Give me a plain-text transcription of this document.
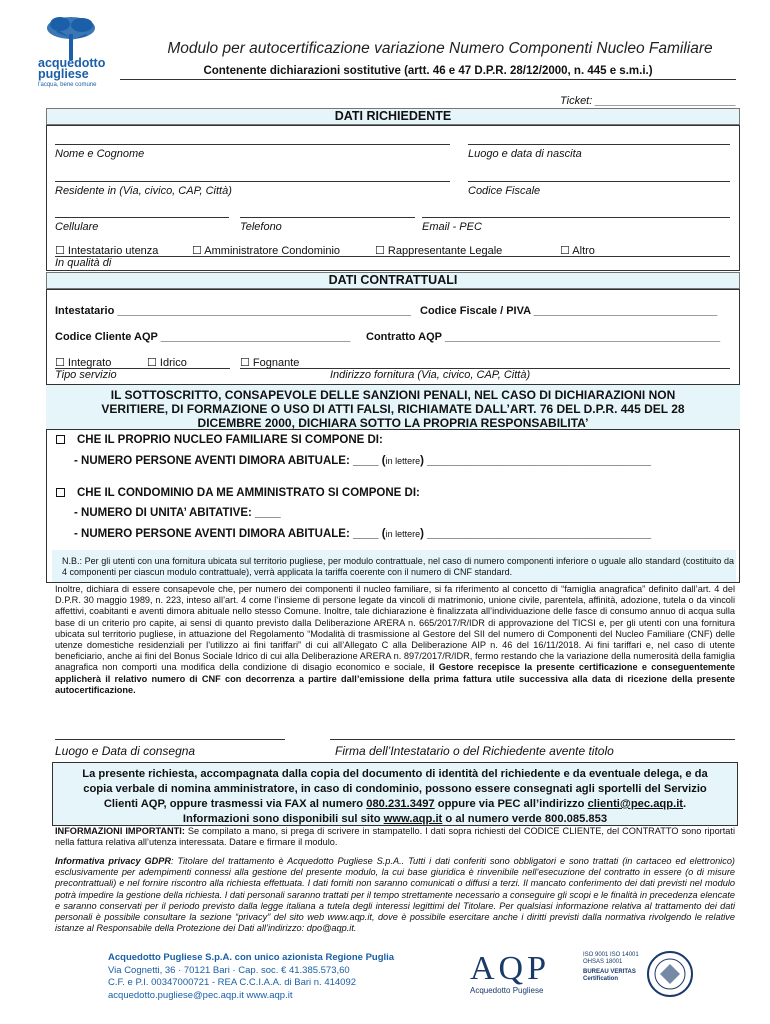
acquedotto
pugliese
l'acqua, bene comune
Modulo per autocertificazione variazione Numero Componenti Nucleo Familiare
Contenente dichiarazioni sostitutive (artt. 46 e 47 D.P.R. 28/12/2000, n. 445 e s.m.i.)
Ticket: _______________________
DATI RICHIEDENTE
Nome e Cognome	Luogo e data di nascita
Residente in (Via, civico, CAP, Città)	Codice Fiscale
Cellulare	Telefono	Email - PEC
☐ Intestatario utenza	☐ Amministratore Condominio	☐ Rappresentante Legale	☐ Altro
In qualità di
DATI CONTRATTUALI
Intestatario ________________________________________________ Codice Fiscale / PIVA ______________________________
Codice Cliente AQP _______________________________ Contratto AQP _____________________________________________
☐ Integrato	☐ Idrico	☐ Fognante
Tipo servizio	Indirizzo fornitura (Via, civico, CAP, Città)
IL SOTTOSCRITTO, CONSAPEVOLE DELLE SANZIONI PENALI, NEL CASO DI DICHIARAZIONI NON VERITIERE, DI FORMAZIONE O USO DI ATTI FALSI, RICHIAMATE DALL’ART. 76 DEL D.P.R. 445 DEL 28 DICEMBRE 2000, DICHIARA SOTTO LA PROPRIA RESPONSABILITA’
CHE IL PROPRIO NUCLEO FAMILIARE SI COMPONE DI:
- NUMERO PERSONE AVENTI DIMORA ABITUALE: ____ (in lettere) ___________________________________
CHE IL CONDOMINIO DA ME AMMINISTRATO SI COMPONE DI:
- NUMERO DI UNITA’ ABITATIVE: ____
- NUMERO PERSONE AVENTI DIMORA ABITUALE: ____ (in lettere) ___________________________________
N.B.: Per gli utenti con una fornitura ubicata sul territorio pugliese, per modulo contrattuale, nel caso di numero componenti inferiore o uguale allo standard (costituito da 4 componenti per ciascun modulo contrattuale), verrà applicata la tariffa coerente con il numero di CNF standard.
Inoltre, dichiara di essere consapevole che, per numero dei componenti il nucleo familiare, si fa riferimento al concetto di “famiglia anagrafica” definito dall’art. 4 del D.P.R. 30 maggio 1989, n. 223, inteso all’art. 4 come l’insieme di persone legate da vincoli di matrimonio, unione civile, parentela, affinità, adozione, tutela o da vincoli affettivi, coabitanti e aventi dimora abituale nello stesso Comune. Inoltre, tale dichiarazione è finalizzata all’individuazione delle fasce di consumo annuo di acqua sulla base di un criterio pro capite, ai sensi di quanto previsto dalla Deliberazione ARERA n. 665/2017/R/IDR di approvazione del TICSI e, per gli utenti con una fornitura ubicata sul territorio pugliese, in attuazione del Regolamento “Modalità di trasmissione al Gestore del SII del numero di Componenti del Nucleo Familiare (CNF) delle utenze domestiche residenziali per l’utilizzo ai fini tariffari” di cui all’Allegato C alla Deliberazione AIP n. 46 del 16/11/2018. Ai fini tariffari e, nel caso di utente beneficiario, anche ai fini del Bonus Sociale Idrico di cui alla Deliberazione ARERA n. 897/2017/R/IDR, fermo restando che la variazione della numerosità della famiglia anagrafica non comporti una modifica della condizione di disagio economico e sociale, il Gestore recepisce la presente certificazione e conseguentemente applicherà il relativo numero di CNF con decorrenza a partire dall’emissione della prima fattura utile successiva alla data di ricezione della presente autocertificazione.
Luogo e Data di consegna	Firma dell’Intestatario o del Richiedente avente titolo
La presente richiesta, accompagnata dalla copia del documento di identità del richiedente e da eventuale delega, e da copia verbale di nomina amministratore, in caso di condominio, possono essere consegnati agli sportelli del Servizio Clienti AQP, oppure trasmessi via FAX al numero 080.231.3497 oppure via PEC all’indirizzo clienti@pec.aqp.it.
Informazioni sono disponibili sul sito www.aqp.it o al numero verde 800.085.853
INFORMAZIONI IMPORTANTI: Se compilato a mano, si prega di scrivere in stampatello. I dati sopra richiesti del CODICE CLIENTE, del CONTRATTO sono riportati nella fattura relativa all’utenza interessata. Datare e firmare il modulo.
Informativa privacy GDPR: Titolare del trattamento è Acquedotto Pugliese S.p.A.. Tutti i dati conferiti sono obbligatori e sono trattati (in cartaceo ed elettronico) esclusivamente per adempimenti connessi alla gestione del presente modulo, la cui base giuridica è rinvenibile nell’esecuzione del contratto in essere (o di misure precontrattuali) e nel fornire riscontro alla richiesta effettuata. I dati forniti non saranno comunicati o diffusi a terzi. Il mancato conferimento dei dati previsti nel modulo potrà impedire la gestione della richiesta. I dati personali saranno trattati per il tempo strettamente necessario a conseguire gli scopi e le finalità in precedenza elencate e saranno conservati per il periodo previsto dalla legge italiana a tutela degli interessi legittimi del Titolare. Per qualsiasi informazione relativa al trattamento dei dati personali è possibile consultare la sezione “privacy” del sito web www.aqp.it, dove è possibile esercitare anche i diritti previsti dalla normativa rivolgendo le relative istanze al Responsabile della Protezione dei Dati all’indirizzo: dpo@aqp.it.
Acquedotto Pugliese S.p.A. con unico azionista Regione Puglia
Via Cognetti, 36 · 70121 Bari · Cap. soc. € 41.385.573,60
C.F. e P.I. 00347000721 - REA C.C.I.A.A. di Bari n. 414092
acquedotto.pugliese@pec.aqp.it www.aqp.it
AQP
Acquedotto Pugliese
ISO 9001 ISO 14001 OHSAS 18001
BUREAU VERITAS Certification
